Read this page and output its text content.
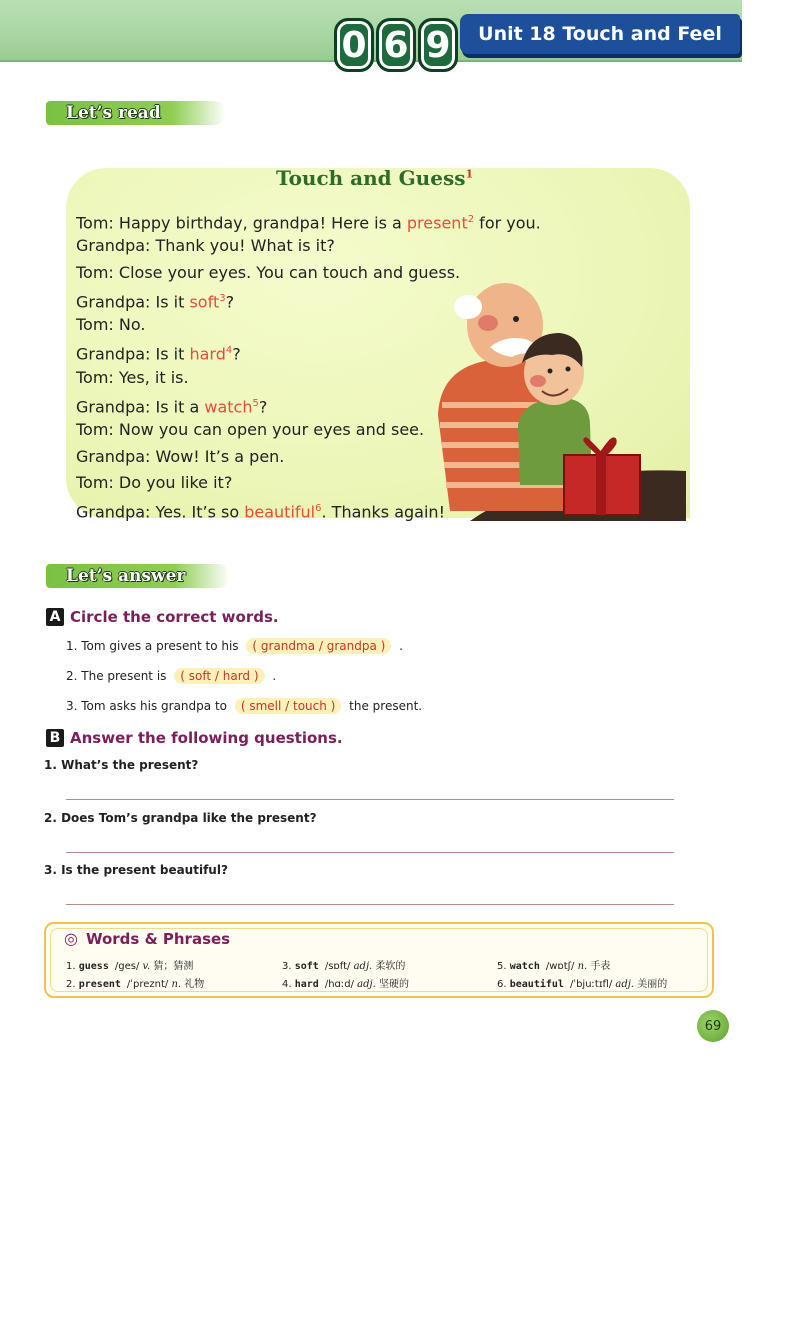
0 6 9	Unit 18 Touch and Feel
Let’s read
Touch and Guess$^1$
Tom: Happy birthday, grandpa! Here is a present$^2$ for you.
Grandpa: Thank you! What is it?
Tom: Close your eyes. You can touch and guess.
Grandpa: Is it soft$^3$?
Tom: No.
Grandpa: Is it hard$^4$?
Tom: Yes, it is.
Grandpa: Is it a watch$^5$?
Tom: Now you can open your eyes and see.
Grandpa: Wow! It’s a pen.
Tom: Do you like it?
Grandpa: Yes. It’s so beautiful$^6$. Thanks again!
Let’s answer
A Circle the correct words.
1. Tom gives a present to his ( grandma / grandpa ) .
2. The present is ( soft / hard ) .
3. Tom asks his grandpa to ( smell / touch ) the present.
B Answer the following questions.
1. What’s the present?
2. Does Tom’s grandpa like the present?
3. Is the present beautiful?
◎ Words & Phrases
1. guess /ges/ v. 猜；猜测
2. present /ˈpreznt/ n. 礼物
3. soft /sɒft/ adj. 柔软的
4. hard /hɑːd/ adj. 坚硬的
5. watch /wɒtʃ/ n. 手表
6. beautiful /ˈbjuːtɪfl/ adj. 美丽的
69
